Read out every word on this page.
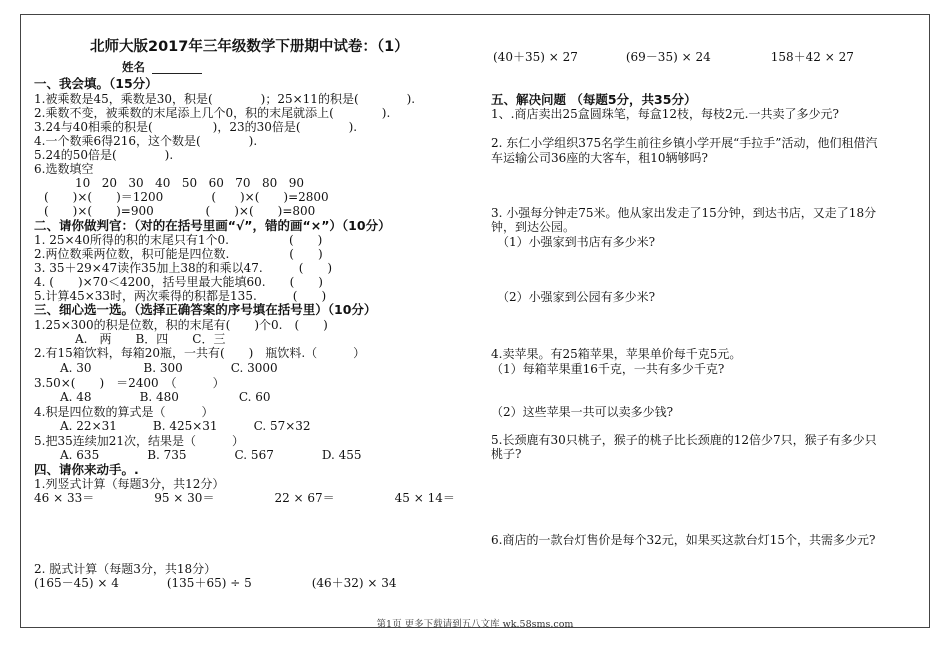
北师大版2017年三年级数学下册期中试卷：（1）
姓名
一、我会填。（15分）
1.被乘数是45，乘数是30，积是(　　　　)；25×11的积是(　　　　).
2.乘数不变，被乘数的末尾添上几个0，积的末尾就添上(　　　　).
3.24与40相乘的积是(　　　　　)，23的30倍是(　　　　).
4.一个数乘6得216，这个数是(　　　　).
5.24的50倍是(　　　　).
6.选数填空
10   20   30   40   50   60   70   80   90
(　　)×(　　)＝1200　　　　(　　)×(　　)=2800
(　　)×(　　)=900　　　　 (　　)×(　　)=800
二、请你做判官：（对的在括号里画“√”，错的画“×”）（10分）
1. 25×40所得的积的末尾只有1个0.　　　　　(　　)
2.两位数乘两位数，积可能是四位数.　　　　　(　　)
3. 35＋29×47读作35加上38的和乘以47.　　　(　　)
4. (　　)×70＜4200，括号里最大能填60.　　(　　)
5.计算45×33时，两次乘得的积都是135.　　　(　　)
三、细心选一选。（选择正确答案的序号填在括号里）（10分）
1.25×300的积是位数，积的末尾有(　　)个0.　(　　)
A.　两　　B．四　　C．三
2.有15箱饮料，每箱20瓶，一共有(　　)　瓶饮料.（　　　）
A. 30　　　　 B. 300　　　　C. 3000
3.50×(　　)　＝2400　（　　　）
A. 48　　　　B. 480　　　　　C. 60
4.积是四位数的算式是（　　　）
A. 22×31　　　B. 425×31　　　C. 57×32
5.把35连续加21次，结果是（　　　）
A. 635　　　　B. 735　　　　C. 567　　　　D. 455
四、请你来动手。.
1.列竖式计算（每题3分，共12分）
46 × 33＝　　　　　95 × 30＝　　　　　22 × 67＝　　　　　45 × 14＝
2. 脱式计算（每题3分，共18分）
(165－45) × 4　　　　(135＋65) ÷ 5　　　　　(46＋32) × 34
(40＋35) × 27　　　　(69－35) × 24　　　　　158＋42 × 27
五、解决问题 （每题5分，共35分）
1、.商店卖出25盒圆珠笔，每盒12枝，每枝2元.一共卖了多少元?
2. 东仁小学组织375名学生前往乡镇小学开展“手拉手”活动，他们租借汽
车运输公司36座的大客车，租10辆够吗?
3. 小强每分钟走75米。他从家出发走了15分钟，到达书店，又走了18分
钟，到达公园。
（1）小强家到书店有多少米?
（2）小强家到公园有多少米?
4.卖苹果。有25箱苹果，苹果单价每千克5元。
（1）每箱苹果重16千克，一共有多少千克?
（2）这些苹果一共可以卖多少钱?
5.长颈鹿有30只桃子，猴子的桃子比长颈鹿的12倍少7只，猴子有多少只
桃子?
6.商店的一款台灯售价是每个32元，如果买这款台灯15个，共需多少元?
第1页 更多下载请到五八文库 wk.58sms.com
